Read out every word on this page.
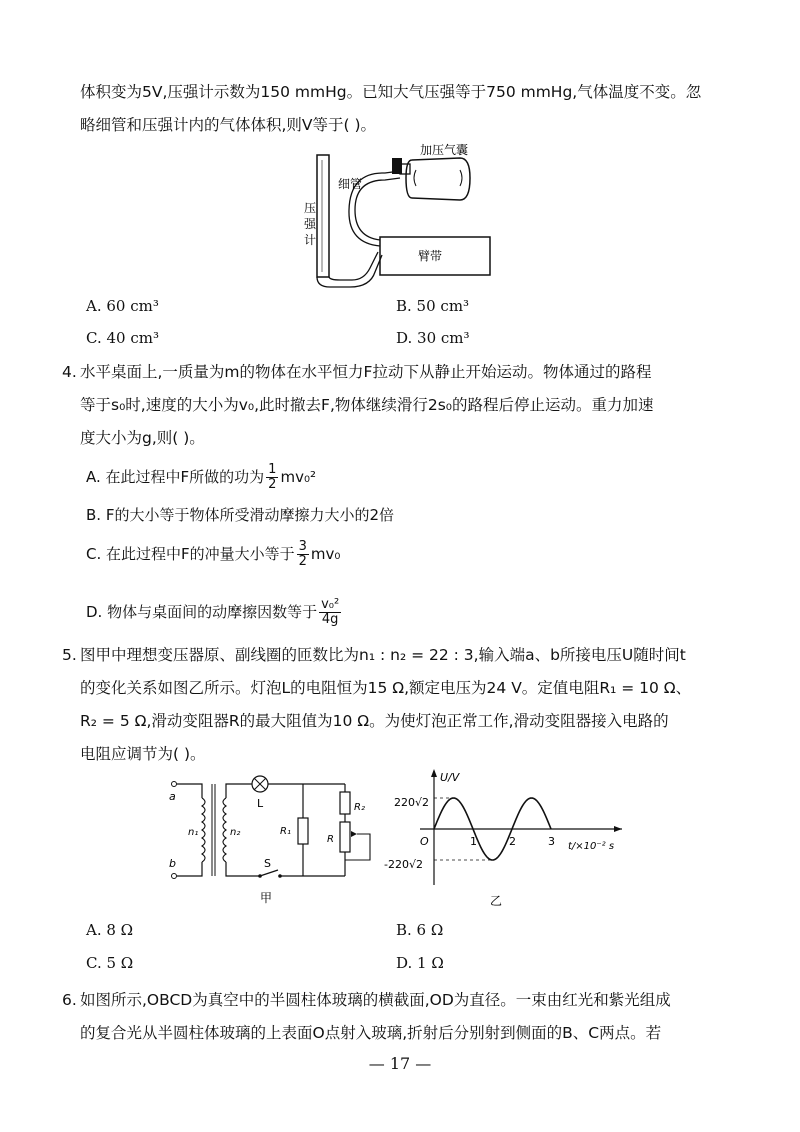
体积变为5V,压强计示数为150 mmHg。已知大气压强等于750 mmHg,气体温度不变。忽
略细管和压强计内的气体体积,则V等于( )。
臂带
加压气囊
细管
压
强
计
A. 60 cm³	B. 50 cm³
C. 40 cm³	D. 30 cm³
4. 水平桌面上,一质量为m的物体在水平恒力F拉动下从静止开始运动。物体通过的路程
等于s₀时,速度的大小为v₀,此时撤去F,物体继续滑行2s₀的路程后停止运动。重力加速
度大小为g,则( )。
A. 在此过程中F所做的功为 $\frac{1}{2} mv_0^2$
B. F的大小等于物体所受滑动摩擦力大小的2倍
C. 在此过程中F的冲量大小等于 $\frac{3}{2} mv_0$
D. 物体与桌面间的动摩擦因数等于 $\frac{\text{v₀²}}{4g}$
5. 图甲中理想变压器原、副线圈的匝数比为n₁ : n₂ = 22 : 3,输入端a、b所接电压U随时间t
的变化关系如图乙所示。灯泡L的电阻恒为15 Ω,额定电压为24 V。定值电阻R₁ = 10 Ω、
R₂ = 5 Ω,滑动变阻器R的最大阻值为10 Ω。为使灯泡正常工作,滑动变阻器接入电路的
电阻应调节为( )。
a
b
n₁	n₂
L
R₁
R₂
R
S
甲
U/V
220√2
-220√2
O	1	2	3 t/×10⁻² s
乙
A. 8 Ω	B. 6 Ω
C. 5 Ω	D. 1 Ω
6. 如图所示,OBCD为真空中的半圆柱体玻璃的横截面,OD为直径。一束由红光和紫光组成
的复合光从半圆柱体玻璃的上表面O点射入玻璃,折射后分别射到侧面的B、C两点。若
— 17 —
